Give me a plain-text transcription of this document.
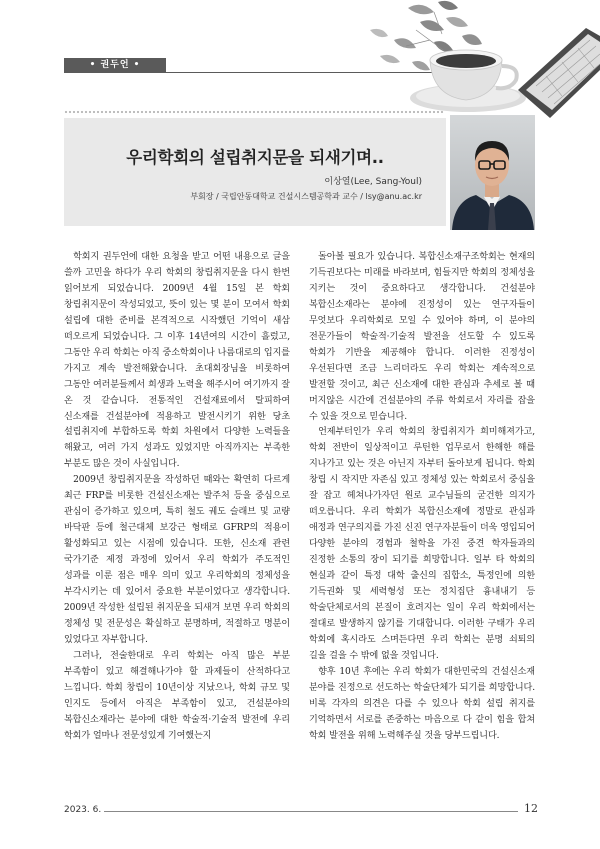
• 권두언 •
우리학회의 설립취지문을 되새기며..
이상열(Lee, Sang-Youl)
부회장 / 국립안동대학교 건설시스템공학과 교수 / lsy@anu.ac.kr

학회지 권두언에 대한 요청을 받고 어떤 내용으로 글을 쓸까 고민을 하다가 우리 학회의 창립취지문을 다시 한번 읽어보게 되었습니다. 2009년 4월 15일 본 학회 창립취지문이 작성되었고, 뜻이 있는 몇 분이 모여서 학회 설립에 대한 준비를 본격적으로 시작했던 기억이 새삼 떠오르게 되었습니다. 그 이후 14년여의 시간이 흘렀고, 그동안 우리 학회는 아직 중소학회이나 나름대로의 입지를 가지고 계속 발전해왔습니다. 초대회장님을 비롯하여 그동안 여러분들께서 희생과 노력을 해주시어 여기까지 잘 온 것 같습니다. 전통적인 건설재료에서 탈피하여 신소재를 건설분야에 적용하고 발전시키기 위한 당초 설립취지에 부합하도록 학회 차원에서 다양한 노력들을 해왔고, 여러 가지 성과도 있었지만 아직까지는 부족한 부분도 많은 것이 사실입니다.

2009년 창립취지문을 작성하던 때와는 확연히 다르게 최근 FRP를 비롯한 건설신소재는 발주처 등을 중심으로 관심이 증가하고 있으며, 특히 철도 궤도 슬래브 및 교량 바닥판 등에 철근대체 보강근 형태로 GFRP의 적용이 활성화되고 있는 시점에 있습니다. 또한, 신소재 관련 국가기준 제정 과정에 있어서 우리 학회가 주도적인 성과를 이룬 점은 매우 의미 있고 우리학회의 정체성을 부각시키는 데 있어서 중요한 부분이었다고 생각합니다. 2009년 작성한 설립된 취지문을 되새겨 보면 우리 학회의 정체성 및 전문성은 확실하고 분명하며, 적절하고 명분이 있었다고 자부합니다.

그러나, 전술한대로 우리 학회는 아직 많은 부분 부족함이 있고 해결해나가야 할 과제들이 산적하다고 느낍니다. 학회 창립이 10년이상 지났으나, 학회 규모 및 인지도 등에서 아직은 부족함이 있고, 건설분야의 복합신소재라는 분야에 대한 학술적·기술적 발전에 우리 학회가 얼마나 전문성있게 기여했는지

돌아볼 필요가 있습니다. 복합신소재구조학회는 현재의 기득권보다는 미래를 바라보며, 힘들지만 학회의 정체성을 지키는 것이 중요하다고 생각합니다. 건설분야 복합신소재라는 분야에 진정성이 있는 연구자들이 무엇보다 우리학회로 모일 수 있어야 하며, 이 분야의 전문가들이 학술적·기술적 발전을 선도할 수 있도록 학회가 기반을 제공해야 합니다. 이러한 진정성이 우선된다면 조금 느리더라도 우리 학회는 계속적으로 발전할 것이고, 최근 신소재에 대한 관심과 추세로 볼 때 머지않은 시간에 건설분야의 주류 학회로서 자리를 잡을 수 있을 것으로 믿습니다.

언제부터인가 우리 학회의 창립취지가 희미해져가고, 학회 전반이 일상적이고 루틴한 업무로서 한해한 해를 지나가고 있는 것은 아닌지 자부터 돌아보게 됩니다. 학회 창립 시 작지만 자존심 있고 정체성 있는 학회로서 중심을 잘 잡고 헤쳐나가자던 원로 교수님들의 굳건한 의지가 떠오릅니다. 우리 학회가 복합신소재에 정말로 관심과 애정과 연구의지를 가진 신진 연구자분들이 더욱 영입되어 다양한 분야의 경험과 철학을 가진 중견 학자들과의 진정한 소통의 장이 되기를 희망합니다. 일부 타 학회의 현실과 같이 특정 대학 출신의 집합소, 특정인에 의한 기득권화 및 세력형성 또는 정치집단 흉내내기 등 학술단체로서의 본질이 흐려지는 일이 우리 학회에서는 절대로 발생하지 않기를 기대합니다. 이러한 구태가 우리 학회에 혹시라도 스며든다면 우리 학회는 분명 쇠퇴의 길을 걸을 수 밖에 없을 것입니다.

향후 10년 후에는 우리 학회가 대한민국의 건설신소재 분야를 진정으로 선도하는 학술단체가 되기를 희망합니다. 비록 각자의 의견은 다를 수 있으나 학회 설립 취지를 기억하면서 서로를 존중하는 마음으로 다 같이 힘을 합쳐 학회 발전을 위해 노력해주실 것을 당부드립니다.

2023. 6.	12
